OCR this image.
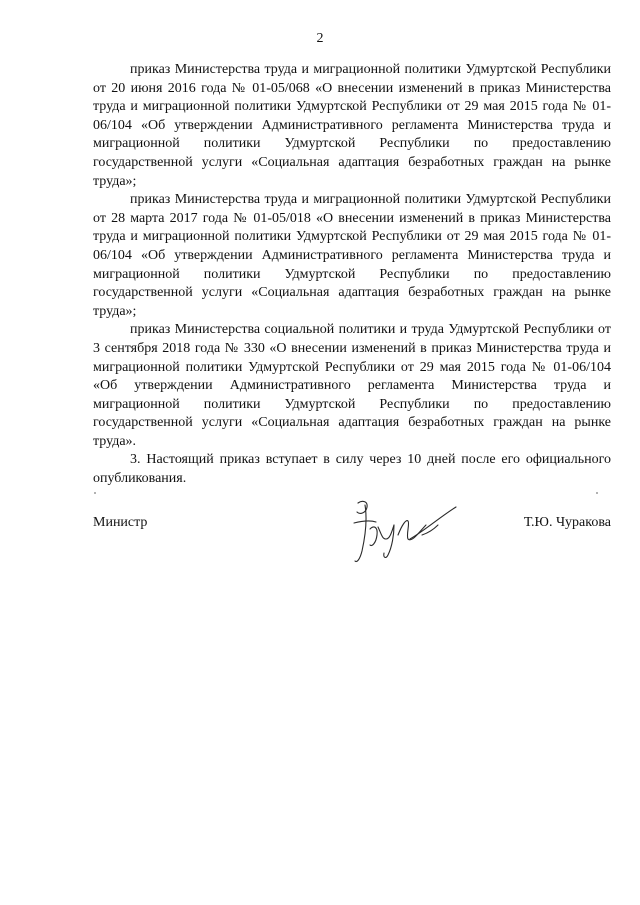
2

приказ Министерства труда и миграционной политики Удмуртской Республики от 20 июня 2016 года № 01-05/068 «О внесении изменений в приказ Министерства труда и миграционной политики Удмуртской Республики от 29 мая 2015 года № 01-06/104 «Об утверждении Административного регламента Министерства труда и миграционной политики Удмуртской Республики по предоставлению государственной услуги «Социальная адаптация безработных граждан на рынке труда»;

приказ Министерства труда и миграционной политики Удмуртской Республики от 28 марта 2017 года № 01-05/018 «О внесении изменений в приказ Министерства труда и миграционной политики Удмуртской Республики от 29 мая 2015 года № 01-06/104 «Об утверждении Административного регламента Министерства труда и миграционной политики Удмуртской Республики по предоставлению государственной услуги «Социальная адаптация безработных граждан на рынке труда»;

приказ Министерства социальной политики и труда Удмуртской Республики от 3 сентября 2018 года № 330 «О внесении изменений в приказ Министерства труда и миграционной политики Удмуртской Республики от 29 мая 2015 года № 01-06/104 «Об утверждении Административного регламента Министерства труда и миграционной политики Удмуртской Республики по предоставлению государственной услуги «Социальная адаптация безработных граждан на рынке труда».

3. Настоящий приказ вступает в силу через 10 дней после его официального опубликования.

Министр	Т.Ю. Чуракова
